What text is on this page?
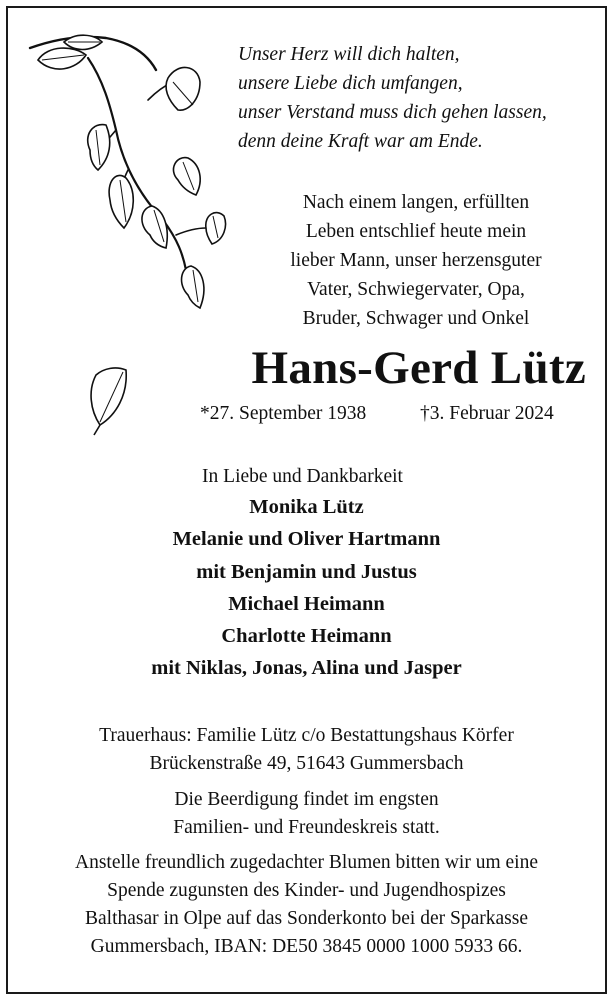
Unser Herz will dich halten,
unsere Liebe dich umfangen,
unser Verstand muss dich gehen lassen,
denn deine Kraft war am Ende.
Nach einem langen, erfüllten
Leben entschlief heute mein
lieber Mann, unser herzensguter
Vater, Schwiegervater, Opa,
Bruder, Schwager und Onkel
Hans-Gerd Lütz
*27. September 1938	†3. Februar 2024
In Liebe und Dankbarkeit
Monika Lütz
Melanie und Oliver Hartmann
mit Benjamin und Justus
Michael Heimann
Charlotte Heimann
mit Niklas, Jonas, Alina und Jasper
Trauerhaus: Familie Lütz c/o Bestattungshaus Körfer
Brückenstraße 49, 51643 Gummersbach
Die Beerdigung findet im engsten
Familien- und Freundeskreis statt.
Anstelle freundlich zugedachter Blumen bitten wir um eine
Spende zugunsten des Kinder- und Jugendhospizes
Balthasar in Olpe auf das Sonderkonto bei der Sparkasse
Gummersbach, IBAN: DE50 3845 0000 1000 5933 66.
